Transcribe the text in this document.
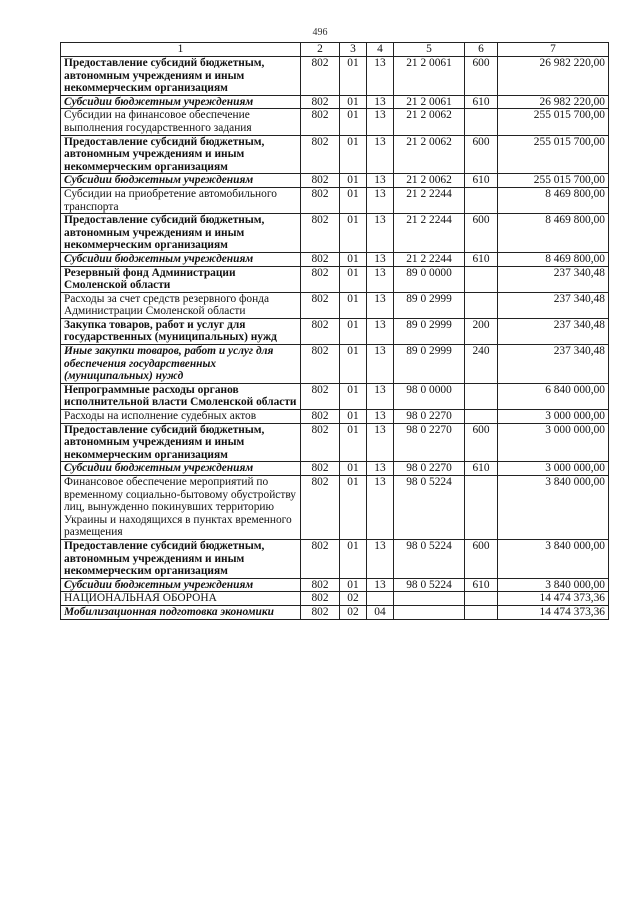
496
1	2	3	4	5	6	7
Предоставление субсидий бюджетным, автономным учреждениям и иным некоммерческим организациям	802	01	13	21 2 0061	600	26 982 220,00
Субсидии бюджетным учреждениям	802	01	13	21 2 0061	610	26 982 220,00
Субсидии на финансовое обеспечение выполнения государственного задания	802	01	13	21 2 0062		255 015 700,00
Предоставление субсидий бюджетным, автономным учреждениям и иным некоммерческим организациям	802	01	13	21 2 0062	600	255 015 700,00
Субсидии бюджетным учреждениям	802	01	13	21 2 0062	610	255 015 700,00
Субсидии на приобретение автомобильного транспорта	802	01	13	21 2 2244		8 469 800,00
Предоставление субсидий бюджетным, автономным учреждениям и иным некоммерческим организациям	802	01	13	21 2 2244	600	8 469 800,00
Субсидии бюджетным учреждениям	802	01	13	21 2 2244	610	8 469 800,00
Резервный фонд Администрации Смоленской области	802	01	13	89 0 0000		237 340,48
Расходы за счет средств резервного фонда Администрации Смоленской области	802	01	13	89 0 2999		237 340,48
Закупка товаров, работ и услуг для государственных (муниципальных) нужд	802	01	13	89 0 2999	200	237 340,48
Иные закупки товаров, работ и услуг для обеспечения государственных (муниципальных) нужд	802	01	13	89 0 2999	240	237 340,48
Непрограммные расходы органов исполнительной власти Смоленской области	802	01	13	98 0 0000		6 840 000,00
Расходы на исполнение судебных актов	802	01	13	98 0 2270		3 000 000,00
Предоставление субсидий бюджетным, автономным учреждениям и иным некоммерческим организациям	802	01	13	98 0 2270	600	3 000 000,00
Субсидии бюджетным учреждениям	802	01	13	98 0 2270	610	3 000 000,00
Финансовое обеспечение мероприятий по временному социально-бытовому обустройству лиц, вынужденно покинувших территорию Украины и находящихся в пунктах временного размещения	802	01	13	98 0 5224		3 840 000,00
Предоставление субсидий бюджетным, автономным учреждениям и иным некоммерческим организациям	802	01	13	98 0 5224	600	3 840 000,00
Субсидии бюджетным учреждениям	802	01	13	98 0 5224	610	3 840 000,00
НАЦИОНАЛЬНАЯ ОБОРОНА	802	02				14 474 373,36
Мобилизационная подготовка экономики	802	02	04			14 474 373,36
